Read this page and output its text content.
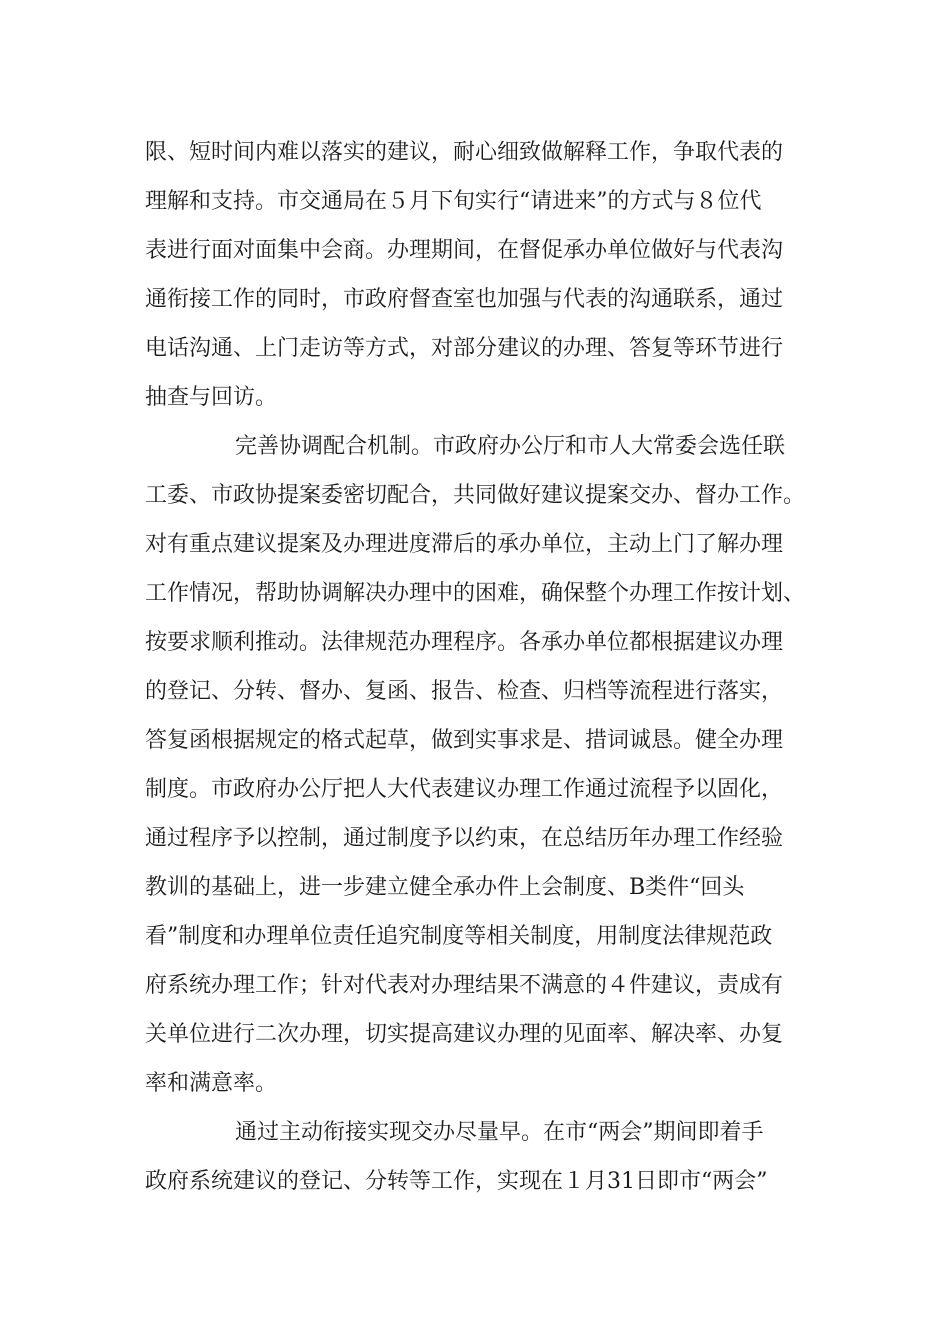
限、短时间内难以落实的建议，耐心细致做解释工作，争取代表的
理解和支持。市交通局在５月下旬实行“请进来”的方式与８位代
表进行面对面集中会商。办理期间，在督促承办单位做好与代表沟
通衔接工作的同时，市政府督查室也加强与代表的沟通联系，通过
电话沟通、上门走访等方式，对部分建议的办理、答复等环节进行
抽查与回访。
完善协调配合机制。市政府办公厅和市人大常委会选任联
工委、市政协提案委密切配合，共同做好建议提案交办、督办工作。
对有重点建议提案及办理进度滞后的承办单位，主动上门了解办理
工作情况，帮助协调解决办理中的困难，确保整个办理工作按计划、
按要求顺利推动。法律规范办理程序。各承办单位都根据建议办理
的登记、分转、督办、复函、报告、检查、归档等流程进行落实，
答复函根据规定的格式起草，做到实事求是、措词诚恳。健全办理
制度。市政府办公厅把人大代表建议办理工作通过流程予以固化，
通过程序予以控制，通过制度予以约束，在总结历年办理工作经验
教训的基础上，进一步建立健全承办件上会制度、B类件“回头
看”制度和办理单位责任追究制度等相关制度，用制度法律规范政
府系统办理工作；针对代表对办理结果不满意的４件建议，责成有
关单位进行二次办理，切实提高建议办理的见面率、解决率、办复
率和满意率。
通过主动衔接实现交办尽量早。在市“两会”期间即着手
政府系统建议的登记、分转等工作，实现在１月31日即市“两会”
